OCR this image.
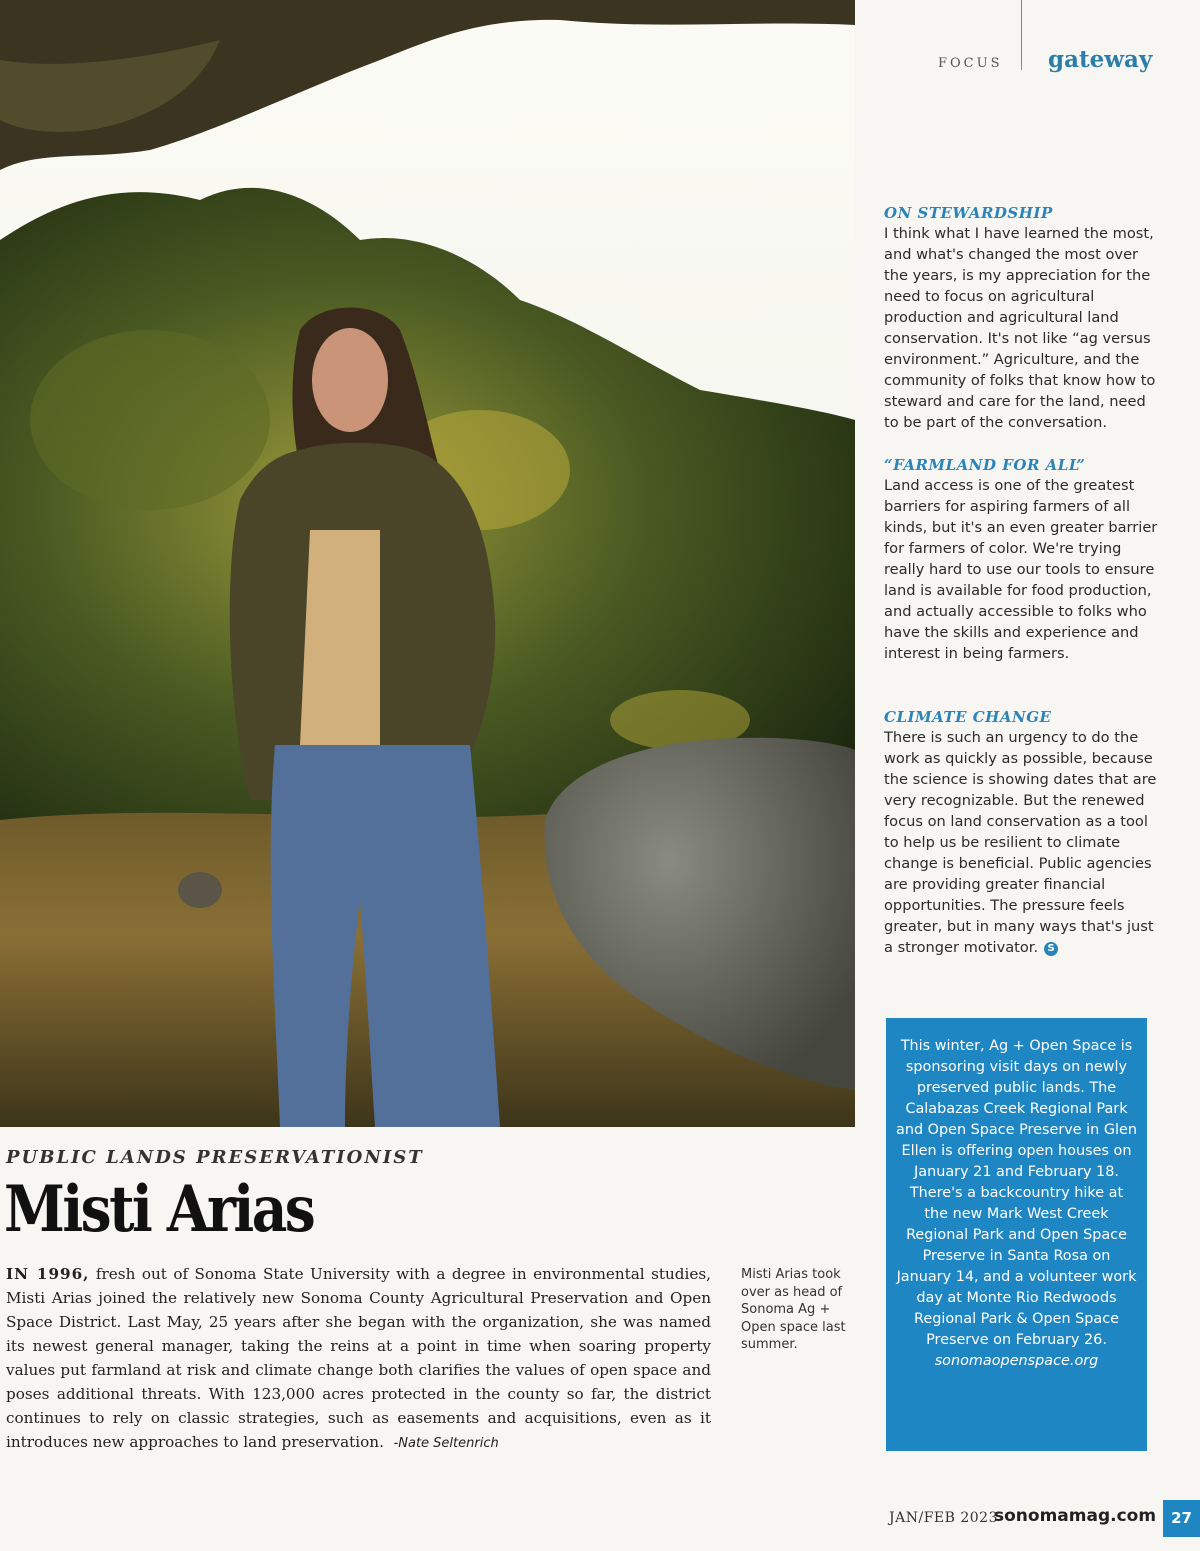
FOCUS gateway
ON STEWARDSHIP

I think what I have learned the most, and what's changed the most over the years, is my appreciation for the need to focus on agricultural production and agricultural land conservation. It's not like “ag versus environment.” Agriculture, and the community of folks that know how to steward and care for the land, need to be part of the conversation.

“FARMLAND FOR ALL”

Land access is one of the greatest barriers for aspiring farmers of all kinds, but it's an even greater barrier for farmers of color. We're trying really hard to use our tools to ensure land is available for food production, and actually accessible to folks who have the skills and experience and interest in being farmers.

CLIMATE CHANGE

There is such an urgency to do the work as quickly as possible, because the science is showing dates that are very recognizable. But the renewed focus on land conservation as a tool to help us be resilient to climate change is beneficial. Public agencies are providing greater financial opportunities. The pressure feels greater, but in many ways that's just a stronger motivator. S

This winter, Ag + Open Space is sponsoring visit days on newly preserved public lands. The Calabazas Creek Regional Park and Open Space Preserve in Glen Ellen is offering open houses on January 21 and February 18. There's a backcountry hike at the new Mark West Creek Regional Park and Open Space Preserve in Santa Rosa on January 14, and a volunteer work day at Monte Rio Redwoods Regional Park & Open Space Preserve on February 26.

sonomaopenspace.org

PUBLIC LANDS PRESERVATIONIST
Misti Arias
IN 1996, fresh out of Sonoma State University with a degree in environmental studies, Misti Arias joined the relatively new Sonoma County Agricultural Preservation and Open Space District. Last May, 25 years after she began with the organization, she was named its newest general manager, taking the reins at a point in time when soaring property values put farmland at risk and climate change both clarifies the values of open space and poses additional threats. With 123,000 acres protected in the county so far, the district continues to rely on classic strategies, such as easements and acquisitions, even as it introduces new approaches to land preservation. -Nate Seltenrich
Misti Arias took over as head of Sonoma Ag + Open space last summer.
JAN/FEB 2023
sonomamag.com	27
